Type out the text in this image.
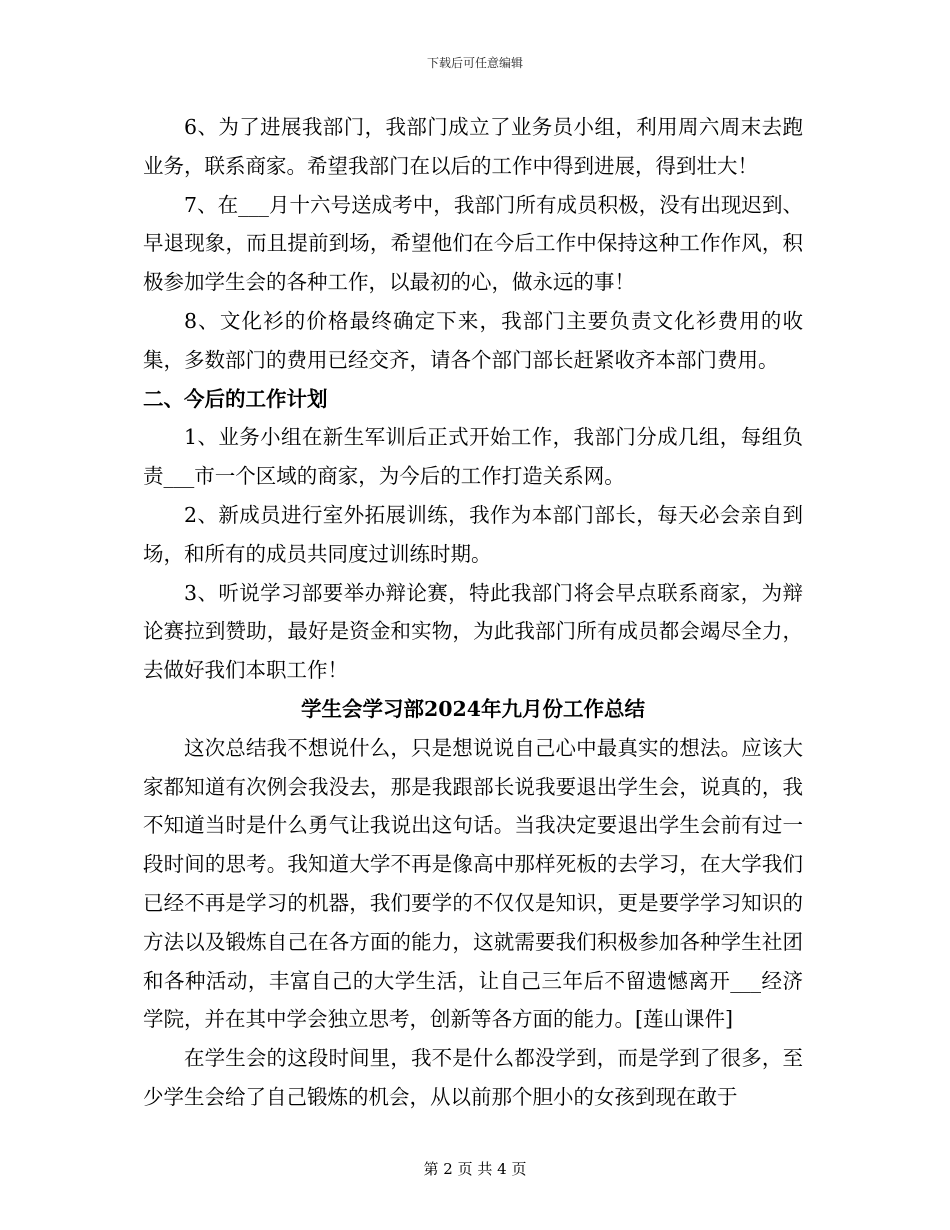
下载后可任意编辑

6、为了进展我部门，我部门成立了业务员小组，利用周六周末去跑业务，联系商家。希望我部门在以后的工作中得到进展，得到壮大！

7、在___月十六号送成考中，我部门所有成员积极，没有出现迟到、早退现象，而且提前到场，希望他们在今后工作中保持这种工作作风，积极参加学生会的各种工作，以最初的心，做永远的事！

8、文化衫的价格最终确定下来，我部门主要负责文化衫费用的收集，多数部门的费用已经交齐，请各个部门部长赶紧收齐本部门费用。

二、今后的工作计划

1、业务小组在新生军训后正式开始工作，我部门分成几组，每组负责___市一个区域的商家，为今后的工作打造关系网。

2、新成员进行室外拓展训练，我作为本部门部长，每天必会亲自到场，和所有的成员共同度过训练时期。

3、听说学习部要举办辩论赛，特此我部门将会早点联系商家，为辩论赛拉到赞助，最好是资金和实物，为此我部门所有成员都会竭尽全力，去做好我们本职工作！

学生会学习部2024年九月份工作总结

这次总结我不想说什么，只是想说说自己心中最真实的想法。应该大家都知道有次例会我没去，那是我跟部长说我要退出学生会，说真的，我不知道当时是什么勇气让我说出这句话。当我决定要退出学生会前有过一段时间的思考。我知道大学不再是像高中那样死板的去学习，在大学我们已经不再是学习的机器，我们要学的不仅仅是知识，更是要学学习知识的方法以及锻炼自己在各方面的能力，这就需要我们积极参加各种学生社团和各种活动，丰富自己的大学生活，让自己三年后不留遗憾离开___经济学院，并在其中学会独立思考，创新等各方面的能力。[莲山课件]

在学生会的这段时间里，我不是什么都没学到，而是学到了很多，至少学生会给了自己锻炼的机会，从以前那个胆小的女孩到现在敢于

第 2 页 共 4 页
